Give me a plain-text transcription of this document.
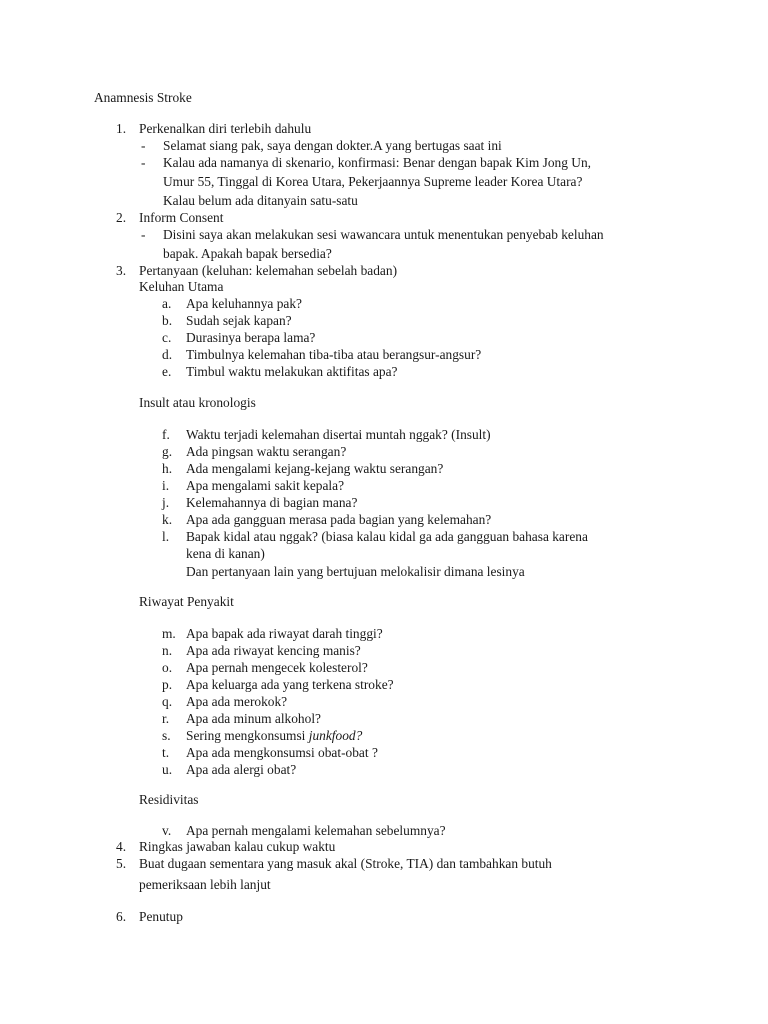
Anamnesis Stroke
1. Perkenalkan diri terlebih dahulu
- Selamat siang pak, saya dengan dokter.A yang bertugas saat ini
- Kalau ada namanya di skenario, konfirmasi: Benar dengan bapak Kim Jong Un,
Umur 55, Tinggal di Korea Utara, Pekerjaannya Supreme leader Korea Utara?
Kalau belum ada ditanyain satu-satu
2. Inform Consent
- Disini saya akan melakukan sesi wawancara untuk menentukan penyebab keluhan
bapak. Apakah bapak bersedia?
3. Pertanyaan (keluhan: kelemahan sebelah badan)
Keluhan Utama
a. Apa keluhannya pak?
b. Sudah sejak kapan?
c. Durasinya berapa lama?
d. Timbulnya kelemahan tiba-tiba atau berangsur-angsur?
e. Timbul waktu melakukan aktifitas apa?
Insult atau kronologis
f. Waktu terjadi kelemahan disertai muntah nggak? (Insult)
g. Ada pingsan waktu serangan?
h. Ada mengalami kejang-kejang waktu serangan?
i. Apa mengalami sakit kepala?
j. Kelemahannya di bagian mana?
k. Apa ada gangguan merasa pada bagian yang kelemahan?
l. Bapak kidal atau nggak? (biasa kalau kidal ga ada gangguan bahasa karena
kena di kanan)
Dan pertanyaan lain yang bertujuan melokalisir dimana lesinya
Riwayat Penyakit
m. Apa bapak ada riwayat darah tinggi?
n. Apa ada riwayat kencing manis?
o. Apa pernah mengecek kolesterol?
p. Apa keluarga ada yang terkena stroke?
q. Apa ada merokok?
r. Apa ada minum alkohol?
s. Sering mengkonsumsi junkfood?
t. Apa ada mengkonsumsi obat-obat ?
u. Apa ada alergi obat?
Residivitas
v. Apa pernah mengalami kelemahan sebelumnya?
4. Ringkas jawaban kalau cukup waktu
5. Buat dugaan sementara yang masuk akal (Stroke, TIA) dan tambahkan butuh
pemeriksaan lebih lanjut
6. Penutup
